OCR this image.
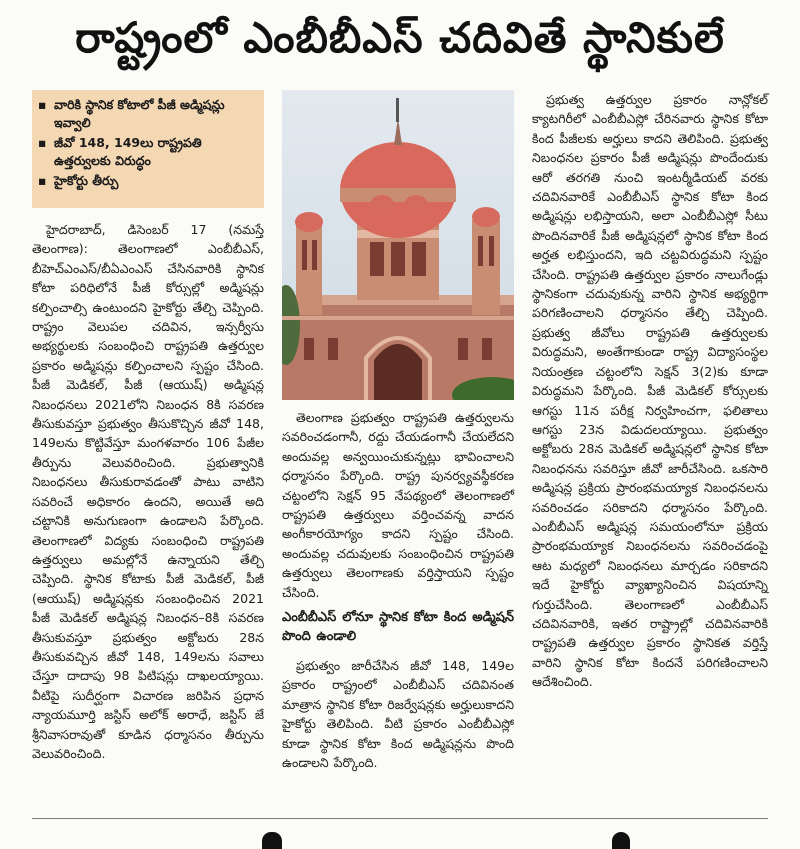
రాష్ట్రంలో ఎంబీబీఎస్ చదివితే స్థానికులే
▪ వారికి స్థానిక కోటాలో పీజీ అడ్మిషన్లు ఇవ్వాలి
▪ జీవో 148, 149లు రాష్ట్రపతి ఉత్తర్వులకు విరుద్ధం
▪ హైకోర్టు తీర్పు

హైదరాబాద్, డిసెంబర్ 17 (నమస్తే తెలంగాణ): తెలంగాణలో ఎంబీబీఎస్, బీహెచ్ఎంఎస్/బీఏఎంఎస్ చేసినవారికి స్థానిక కోటా పరిధిలోనే పీజీ కోర్సుల్లో అడ్మిషన్లు కల్పించాల్సి ఉంటుందని హైకోర్టు తేల్చి చెప్పింది. రాష్ట్రం వెలుపల చదివిన, ఇన్సర్వీసు అభ్యర్థులకు సంబంధించి రాష్ట్రపతి ఉత్తర్వుల ప్రకారం అడ్మిషన్లు కల్పించాలని స్పష్టం చేసింది. పీజీ మెడికల్, పీజీ (ఆయుష్) అడ్మిషన్ల నిబంధనలు 2021లోని నిబంధన 8కి సవరణ తీసుకువస్తూ ప్రభుత్వం తీసుకొచ్చిన జీవో 148, 149లను కొట్టివేస్తూ మంగళవారం 106 పేజీల తీర్పును వెలువరించింది. ప్రభుత్వానికి నిబంధనలు తీసుకురావడంతో పాటు వాటిని సవరించే అధికారం ఉందని, అయితే అది చట్టానికి అనుగుణంగా ఉండాలని పేర్కొంది. తెలంగాణలో విద్యకు సంబంధించి రాష్ట్రపతి ఉత్తర్వులు అమల్లోనే ఉన్నాయని తేల్చి చెప్పింది. స్థానిక కోటాకు పీజీ మెడికల్, పీజీ (ఆయుష్) అడ్మిషన్లకు సంబంధించిన 2021 పీజీ మెడికల్ అడ్మిషన్ల నిబంధన–8కి సవరణ తీసుకువస్తూ ప్రభుత్వం అక్టోబరు 28న తీసుకువచ్చిన జీవో 148, 149లను సవాలు చేస్తూ దాదాపు 98 పిటిషన్లు దాఖలయ్యాయి. వీటిపై సుదీర్ఘంగా విచారణ జరిపిన ప్రధాన న్యాయమూర్తి జస్టిస్ అలోక్ అరాధే, జస్టిస్ జే శ్రీనివాసరావుతో కూడిన ధర్మాసనం తీర్పును వెలువరించింది.

తెలంగాణ ప్రభుత్వం రాష్ట్రపతి ఉత్తర్వులను సవరించడంగానీ, రద్దు చేయడంగానీ చేయలేదని అందువల్ల అన్వయించుకున్నట్లు భావించాలని ధర్మాసనం పేర్కొంది. రాష్ట్ర పునర్వ్యవస్థీకరణ చట్టంలోని సెక్షన్ 95 నేపథ్యంలో తెలంగాణలో రాష్ట్రపతి ఉత్తర్వులు వర్తించవన్న వాదన అంగీకారయోగ్యం కాదని స్పష్టం చేసింది. అందువల్ల చదువులకు సంబంధించిన రాష్ట్రపతి ఉత్తర్వులు తెలంగాణకు వర్తిస్తాయని స్పష్టం చేసింది.

ఎంబీబీఎస్ లోనూ స్థానిక కోటా కింద అడ్మిషన్ పొంది ఉండాలి

ప్రభుత్వం జారీచేసిన జీవో 148, 149ల ప్రకారం రాష్ట్రంలో ఎంబీబీఎస్ చదివినంత మాత్రాన స్థానిక కోటా రిజర్వేషన్లకు అర్హులుకాదని హైకోర్టు తెలిపింది. వీటి ప్రకారం ఎంబీబీఎస్లో కూడా స్థానిక కోటా కింద అడ్మిషన్లను పొంది ఉండాలని పేర్కొంది.

ప్రభుత్వ ఉత్తర్వుల ప్రకారం నాన్లోకల్ క్యాటగిరీలో ఎంబీబీఎస్లో చేరినవారు స్థానిక కోటా కింద పీజీలకు అర్హులు కాదని తెలిపింది. ప్రభుత్వ నిబంధనల ప్రకారం పీజీ అడ్మిషన్లు పొందేందుకు ఆరో తరగతి నుంచి ఇంటర్మీడియట్ వరకు చదివినవారికే ఎంబీబీఎస్ స్థానిక కోటా కింద అడ్మిషన్లు లభిస్తాయని, అలా ఎంబీబీఎస్లో సీటు పొందినవారికే పీజీ అడ్మిషన్లలో స్థానిక కోటా కింద అర్హత లభిస్తుందని, ఇది చట్టవిరుద్ధమని స్పష్టం చేసింది. రాష్ట్రపతి ఉత్తర్వుల ప్రకారం నాలుగేండ్లు స్థానికంగా చదువుకున్న వారిని స్థానిక అభ్యర్థిగా పరిగణించాలని ధర్మాసనం తేల్చి చెప్పింది. ప్రభుత్వ జీవోలు రాష్ట్రపతి ఉత్తర్వులకు విరుద్ధమని, అంతేగాకుండా రాష్ట్ర విద్యాసంస్థల నియంత్రణ చట్టంలోని సెక్షన్ 3(2)కు కూడా విరుద్ధమని పేర్కొంది. పీజీ మెడికల్ కోర్సులకు ఆగస్టు 11న పరీక్ష నిర్వహించగా, ఫలితాలు ఆగస్టు 23న విడుదలయ్యాయి. ప్రభుత్వం అక్టోబరు 28న మెడికల్ అడ్మిషన్లలో స్థానిక కోటా నిబంధనను సవరిస్తూ జీవో జారీచేసింది. ఒకసారి అడ్మిషన్ల ప్రక్రియ ప్రారంభమయ్యాక నిబంధనలను సవరించడం సరికాదని ధర్మాసనం పేర్కొంది. ఎంబీబీఎస్ అడ్మిషన్ల సమయంలోనూ ప్రక్రియ ప్రారంభమయ్యాక నిబంధనలను సవరించడంపై ఆట మధ్యలో నిబంధనలు మార్చడం సరికాదని ఇదే హైకోర్టు వ్యాఖ్యానించిన విషయాన్ని గుర్తుచేసింది. తెలంగాణలో ఎంబీబీఎస్ చదివినవారికి, ఇతర రాష్ట్రాల్లో చదివినవారికి రాష్ట్రపతి ఉత్తర్వుల ప్రకారం స్థానికత వర్తిస్తే వారిని స్థానిక కోటా కిందనే పరిగణించాలని ఆదేశించింది.
